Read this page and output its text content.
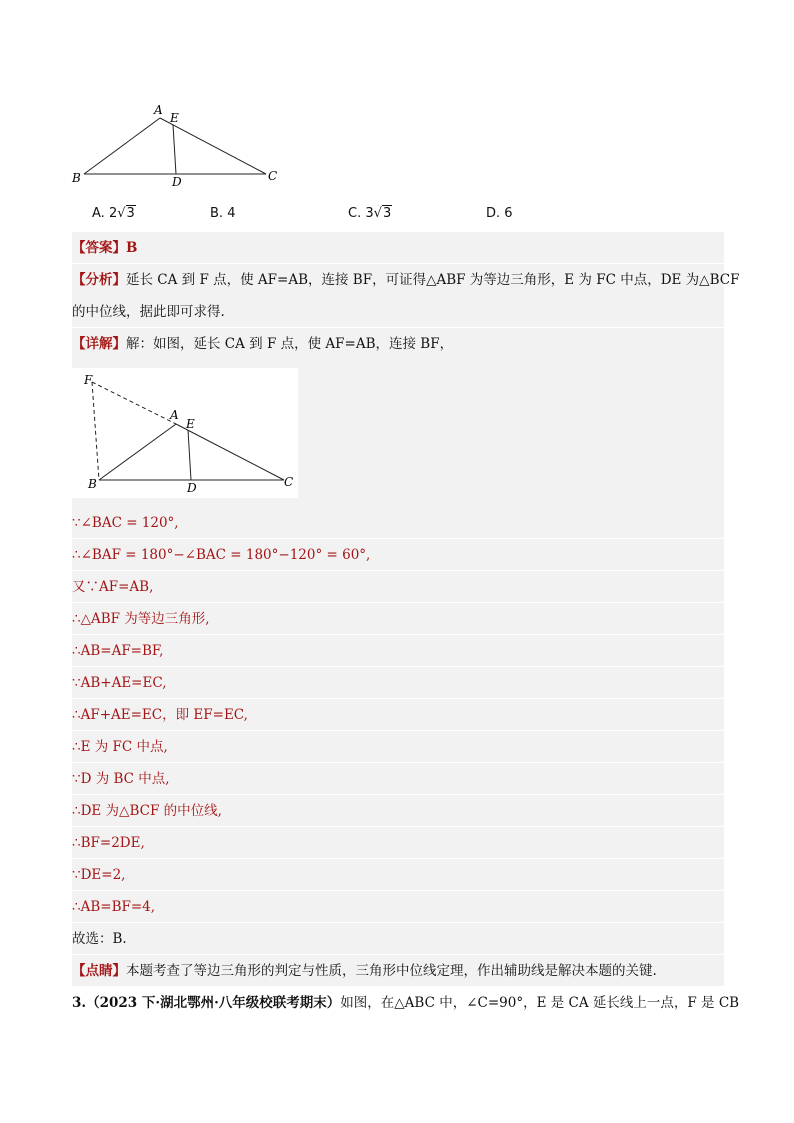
A
E
B	D	C
A. 2√3	B. 4	C. 3√3	D. 6
【答案】B
【分析】延长 CA 到 F 点，使 AF=AB，连接 BF，可证得△ABF 为等边三角形，E 为 FC 中点，DE 为△BCF
的中位线，据此即可求得.
【详解】解：如图，延长 CA 到 F 点，使 AF=AB，连接 BF，
F
A
E
B	D	C
∵∠BAC = 120°,
∴∠BAF = 180°−∠BAC = 180°−120° = 60°,
又∵AF=AB,
∴△ABF 为等边三角形,
∴AB=AF=BF,
∵AB+AE=EC,
∴AF+AE=EC，即 EF=EC,
∴E 为 FC 中点,
∵D 为 BC 中点,
∴DE 为△BCF 的中位线,
∴BF=2DE,
∵DE=2,
∴AB=BF=4,
故选：B.
【点睛】本题考查了等边三角形的判定与性质，三角形中位线定理，作出辅助线是解决本题的关键.
3.（2023 下·湖北鄂州·八年级校联考期末）如图，在△ABC 中，∠C=90°，E 是 CA 延长线上一点，F 是 CB
